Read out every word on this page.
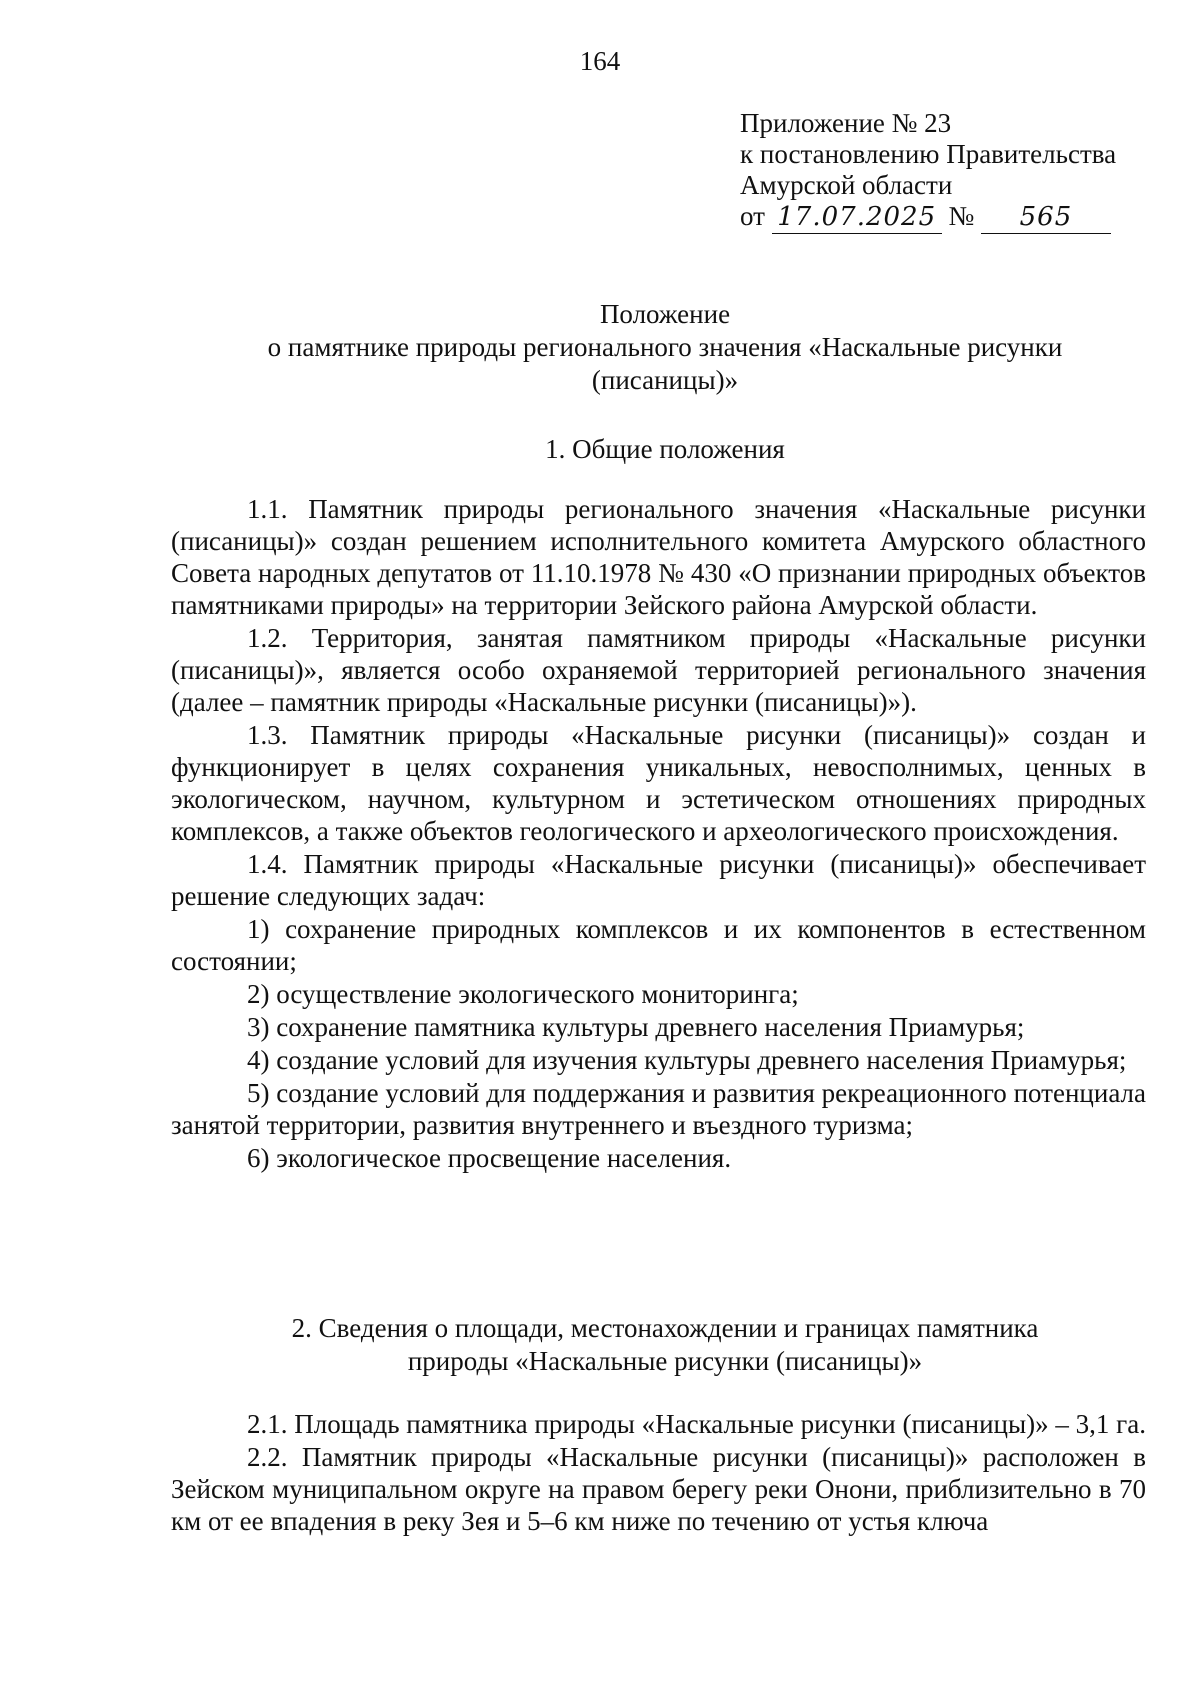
164
Приложение № 23
к постановлению Правительства
Амурской области
от 17.07.2025 № 565
Положение
о памятнике природы регионального значения «Наскальные рисунки
(писаницы)»
1. Общие положения

1.1. Памятник природы регионального значения «Наскальные рисунки (писаницы)» создан решением исполнительного комитета Амурского областного Совета народных депутатов от 11.10.1978 № 430 «О признании природных объектов памятниками природы» на территории Зейского района Амурской области.

1.2. Территория, занятая памятником природы «Наскальные рисунки (писаницы)», является особо охраняемой территорией регионального значения (далее – памятник природы «Наскальные рисунки (писаницы)»).

1.3. Памятник природы «Наскальные рисунки (писаницы)» создан и функционирует в целях сохранения уникальных, невосполнимых, ценных в экологическом, научном, культурном и эстетическом отношениях природных комплексов, а также объектов геологического и археологического происхождения.

1.4. Памятник природы «Наскальные рисунки (писаницы)» обеспечивает решение следующих задач:

1) сохранение природных комплексов и их компонентов в естественном состоянии;

2) осуществление экологического мониторинга;

3) сохранение памятника культуры древнего населения Приамурья;

4) создание условий для изучения культуры древнего населения Приамурья;

5) создание условий для поддержания и развития рекреационного потенциала занятой территории, развития внутреннего и въездного туризма;

6) экологическое просвещение населения.

2. Сведения о площади, местонахождении и границах памятника
природы «Наскальные рисунки (писаницы)»

2.1. Площадь памятника природы «Наскальные рисунки (писаницы)» – 3,1 га.

2.2. Памятник природы «Наскальные рисунки (писаницы)» расположен в Зейском муниципальном округе на правом берегу реки Онони, приблизительно в 70 км от ее впадения в реку Зея и 5–6 км ниже по течению от устья ключа
